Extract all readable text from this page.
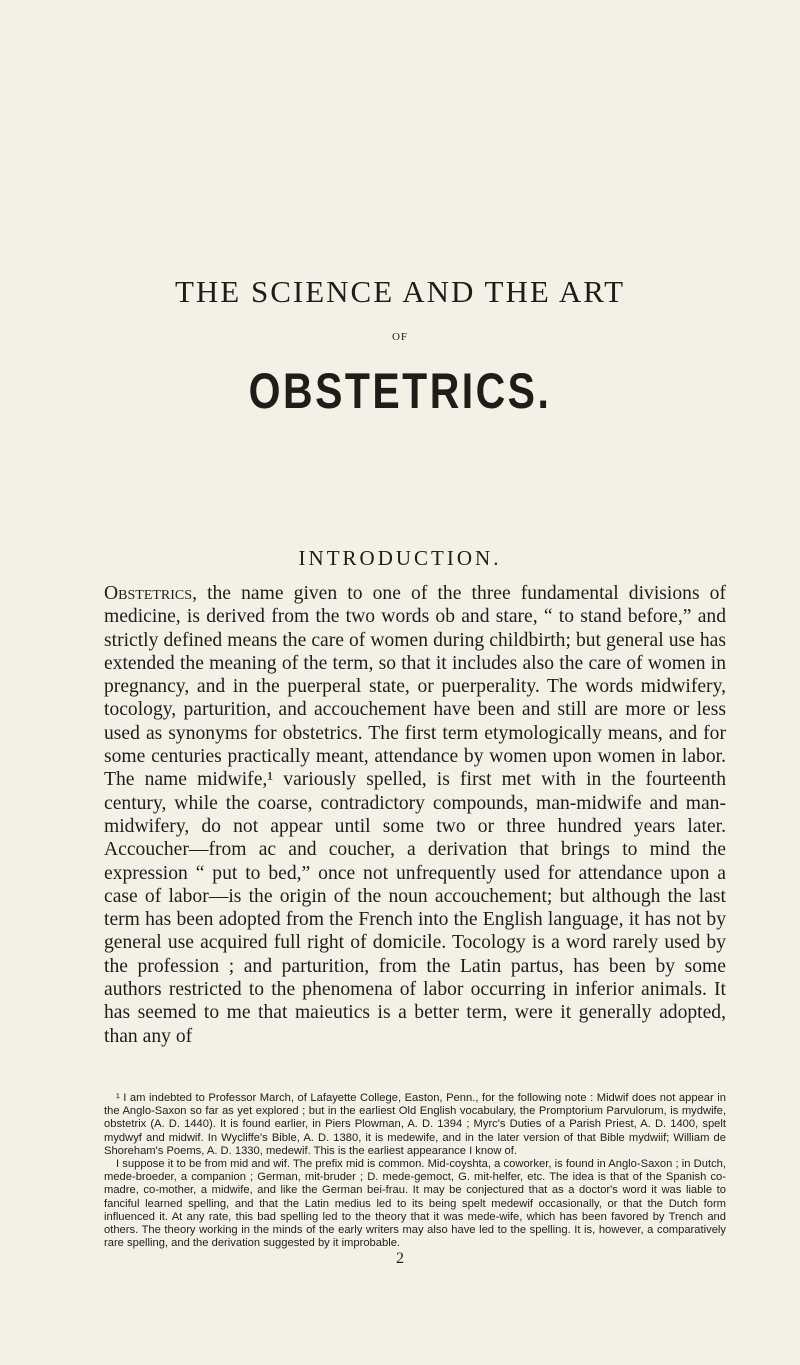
THE SCIENCE AND THE ART
OF
OBSTETRICS.
INTRODUCTION.

Obstetrics, the name given to one of the three fundamental divisions of medicine, is derived from the two words ob and stare, “ to stand before,” and strictly defined means the care of women during childbirth; but general use has extended the meaning of the term, so that it includes also the care of women in pregnancy, and in the puerperal state, or puerperality. The words midwifery, tocology, parturition, and accouchement have been and still are more or less used as synonyms for obstetrics. The first term etymologically means, and for some centuries practically meant, attendance by women upon women in labor. The name midwife,¹ variously spelled, is first met with in the fourteenth century, while the coarse, contradictory compounds, man-midwife and man-midwifery, do not appear until some two or three hundred years later. Accoucher—from ac and coucher, a derivation that brings to mind the expression “ put to bed,” once not unfrequently used for attendance upon a case of labor—is the origin of the noun accouchement; but although the last term has been adopted from the French into the English language, it has not by general use acquired full right of domicile. Tocology is a word rarely used by the profession ; and parturition, from the Latin partus, has been by some authors restricted to the phenomena of labor occurring in inferior animals. It has seemed to me that maieutics is a better term, were it generally adopted, than any of

¹ I am indebted to Professor March, of Lafayette College, Easton, Penn., for the following note : Midwif does not appear in the Anglo-Saxon so far as yet explored ; but in the earliest Old English vocabulary, the Promptorium Parvulorum, is mydwife, obstetrix (A. D. 1440). It is found earlier, in Piers Plowman, A. D. 1394 ; Myrc's Duties of a Parish Priest, A. D. 1400, spelt mydwyf and midwif. In Wycliffe's Bible, A. D. 1380, it is medewife, and in the later version of that Bible mydwiif; William de Shoreham's Poems, A. D. 1330, medewif. This is the earliest appearance I know of.

I suppose it to be from mid and wif. The prefix mid is common. Mid-coyshta, a coworker, is found in Anglo-Saxon ; in Dutch, mede-broeder, a companion ; German, mit-bruder ; D. mede-gemoct, G. mit-helfer, etc. The idea is that of the Spanish co-madre, co-mother, a midwife, and like the German bei-frau. It may be conjectured that as a doctor's word it was liable to fanciful learned spelling, and that the Latin medius led to its being spelt medewif occasionally, or that the Dutch form influenced it. At any rate, this bad spelling led to the theory that it was mede-wife, which has been favored by Trench and others. The theory working in the minds of the early writers may also have led to the spelling. It is, however, a comparatively rare spelling, and the derivation suggested by it improbable.

2
